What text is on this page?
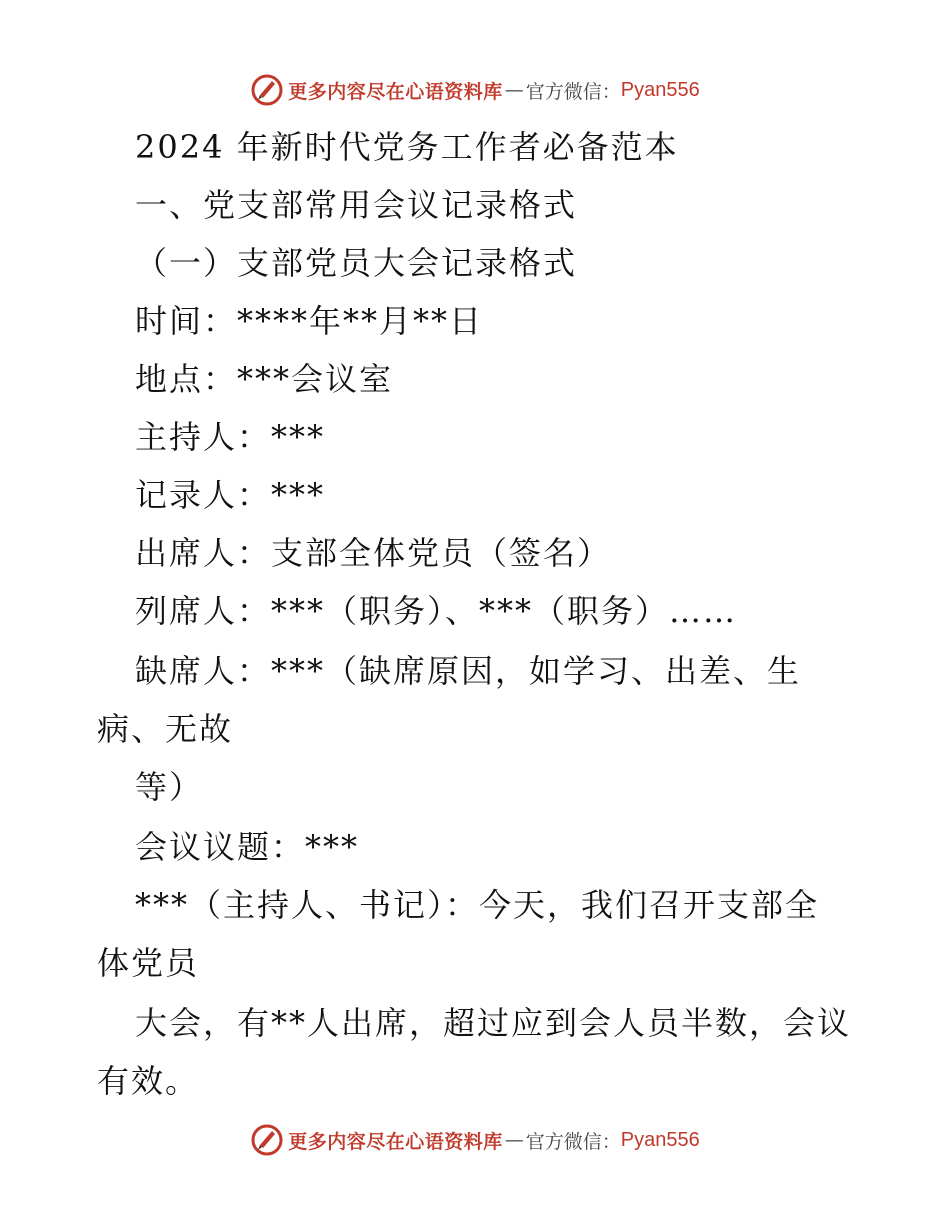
更多内容尽在心语资料库 — 官方微信： Pyan556
2024 年新时代党务工作者必备范本
一、党支部常用会议记录格式
（一）支部党员大会记录格式
时间：****年**月**日
地点：***会议室
主持人：***
记录人：***
出席人：支部全体党员（签名）
列席人：***（职务）、***（职务）……
缺席人：***（缺席原因，如学习、出差、生
病、无故
等）
会议议题：***
***（主持人、书记）：今天，我们召开支部全
体党员
大会，有**人出席，超过应到会人员半数，会议
有效。
更多内容尽在心语资料库 — 官方微信： Pyan556
